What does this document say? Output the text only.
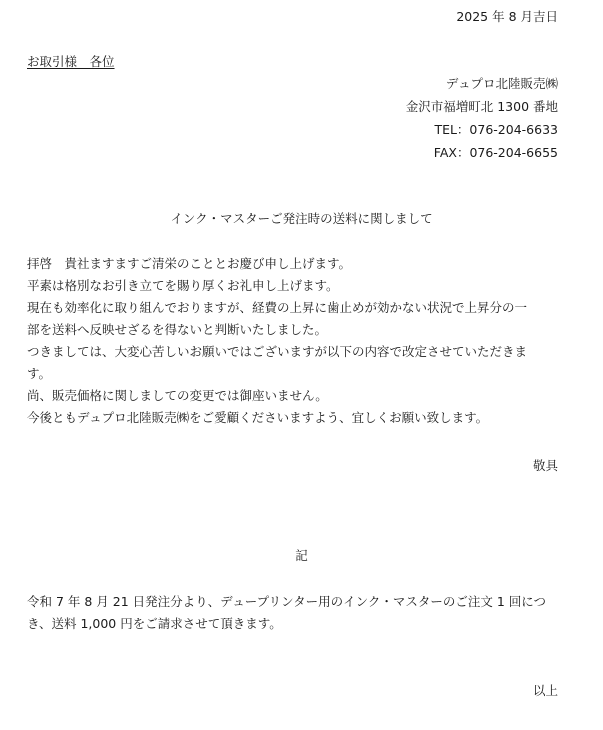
2025 年 8 月吉日
お取引様　各位
デュプロ北陸販売㈱
金沢市福増町北 1300 番地
TEL：076-204-6633
FAX：076-204-6655
インク・マスターご発注時の送料に関しまして
拝啓　貴社ますますご清栄のこととお慶び申し上げます。
平素は格別なお引き立てを賜り厚くお礼申し上げます。
現在も効率化に取り組んでおりますが、経費の上昇に歯止めが効かない状況で上昇分の一
部を送料へ反映せざるを得ないと判断いたしました。
つきましては、大変心苦しいお願いではございますが以下の内容で改定させていただきま
す。
尚、販売価格に関しましての変更では御座いません。
今後ともデュプロ北陸販売㈱をご愛顧くださいますよう、宜しくお願い致します。
敬具
記
令和 7 年 8 月 21 日発注分より、デュープリンター用のインク・マスターのご注文 1 回につ
き、送料 1,000 円をご請求させて頂きます。
以上
